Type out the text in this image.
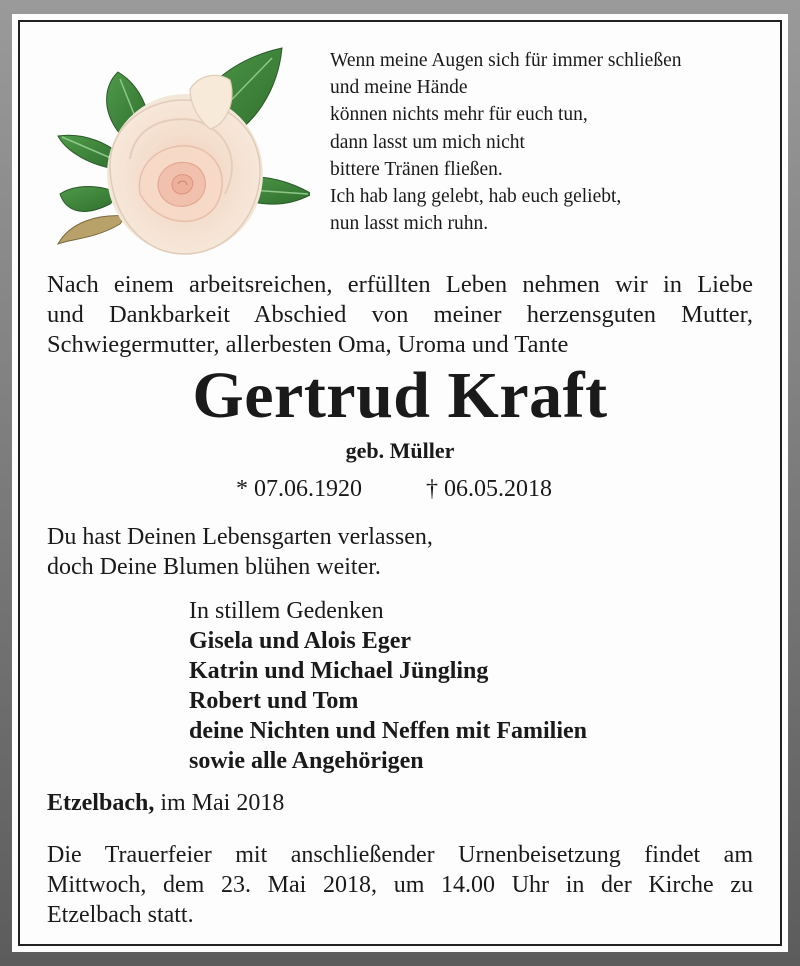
Wenn meine Augen sich für immer schließen
und meine Hände
können nichts mehr für euch tun,
dann lasst um mich nicht
bittere Tränen fließen.
Ich hab lang gelebt, hab euch geliebt,
nun lasst mich ruhn.
Nach einem arbeitsreichen, erfüllten Leben nehmen wir in Liebe
und Dankbarkeit Abschied von meiner herzensguten Mutter,
Schwiegermutter, allerbesten Oma, Uroma und Tante
Gertrud Kraft
geb. Müller
* 07.06.1920	† 06.05.2018
Du hast Deinen Lebensgarten verlassen,
doch Deine Blumen blühen weiter.
In stillem Gedenken
Gisela und Alois Eger
Katrin und Michael Jüngling
Robert und Tom
deine Nichten und Neffen mit Familien
sowie alle Angehörigen
Etzelbach, im Mai 2018
Die Trauerfeier mit anschließender Urnenbeisetzung findet am
Mittwoch, dem 23. Mai 2018, um 14.00 Uhr in der Kirche zu
Etzelbach statt.
